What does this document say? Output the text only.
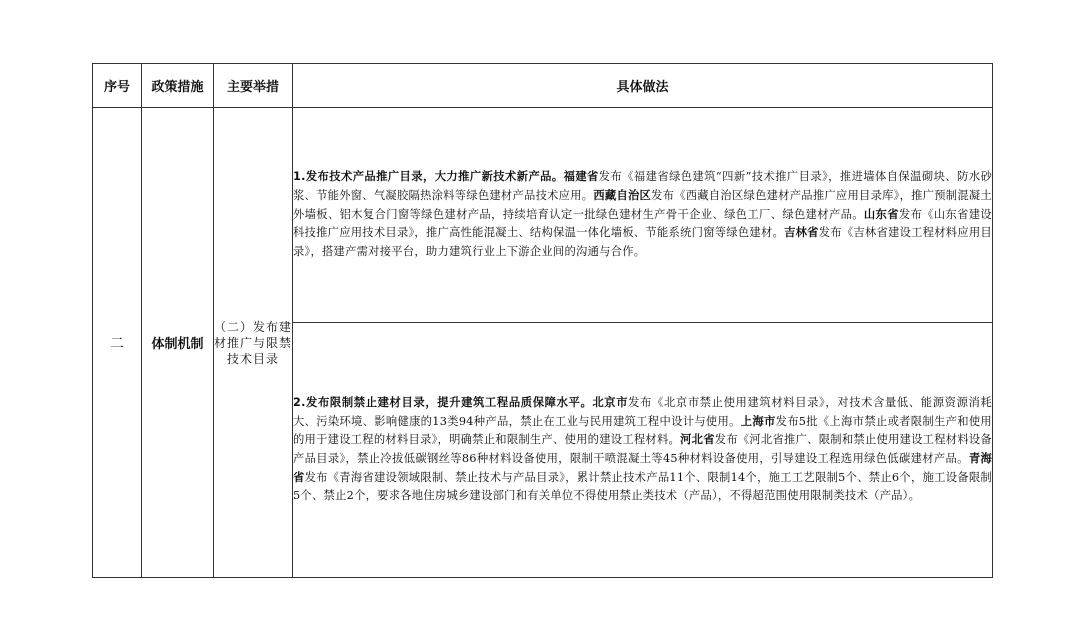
序号	政策措施	主要举措	具体做法
二	体制机制	（二）发布建材推广与限禁技术目录	1.发布技术产品推广目录，大力推广新技术新产品。福建省发布《福建省绿色建筑“四新”技术推广目录》，推进墙体自保温砌块、防水砂浆、节能外窗、气凝胶隔热涂料等绿色建材产品技术应用。西藏自治区发布《西藏自治区绿色建材产品推广应用目录库》，推广预制混凝土外墙板、铝木复合门窗等绿色建材产品，持续培育认定一批绿色建材生产骨干企业、绿色工厂、绿色建材产品。山东省发布《山东省建设科技推广应用技术目录》，推广高性能混凝土、结构保温一体化墙板、节能系统门窗等绿色建材。吉林省发布《吉林省建设工程材料应用目录》，搭建产需对接平台，助力建筑行业上下游企业间的沟通与合作。

			2.发布限制禁止建材目录，提升建筑工程品质保障水平。北京市发布《北京市禁止使用建筑材料目录》，对技术含量低、能源资源消耗大、污染环境、影响健康的13类94种产品，禁止在工业与民用建筑工程中设计与使用。上海市发布5批《上海市禁止或者限制生产和使用的用于建设工程的材料目录》，明确禁止和限制生产、使用的建设工程材料。河北省发布《河北省推广、限制和禁止使用建设工程材料设备产品目录》，禁止冷拔低碳钢丝等86种材料设备使用，限制干喷混凝土等45种材料设备使用，引导建设工程选用绿色低碳建材产品。青海省发布《青海省建设领域限制、禁止技术与产品目录》，累计禁止技术产品11个、限制14个，施工工艺限制5个、禁止6个，施工设备限制5个、禁止2个，要求各地住房城乡建设部门和有关单位不得使用禁止类技术（产品），不得超范围使用限制类技术（产品）。
